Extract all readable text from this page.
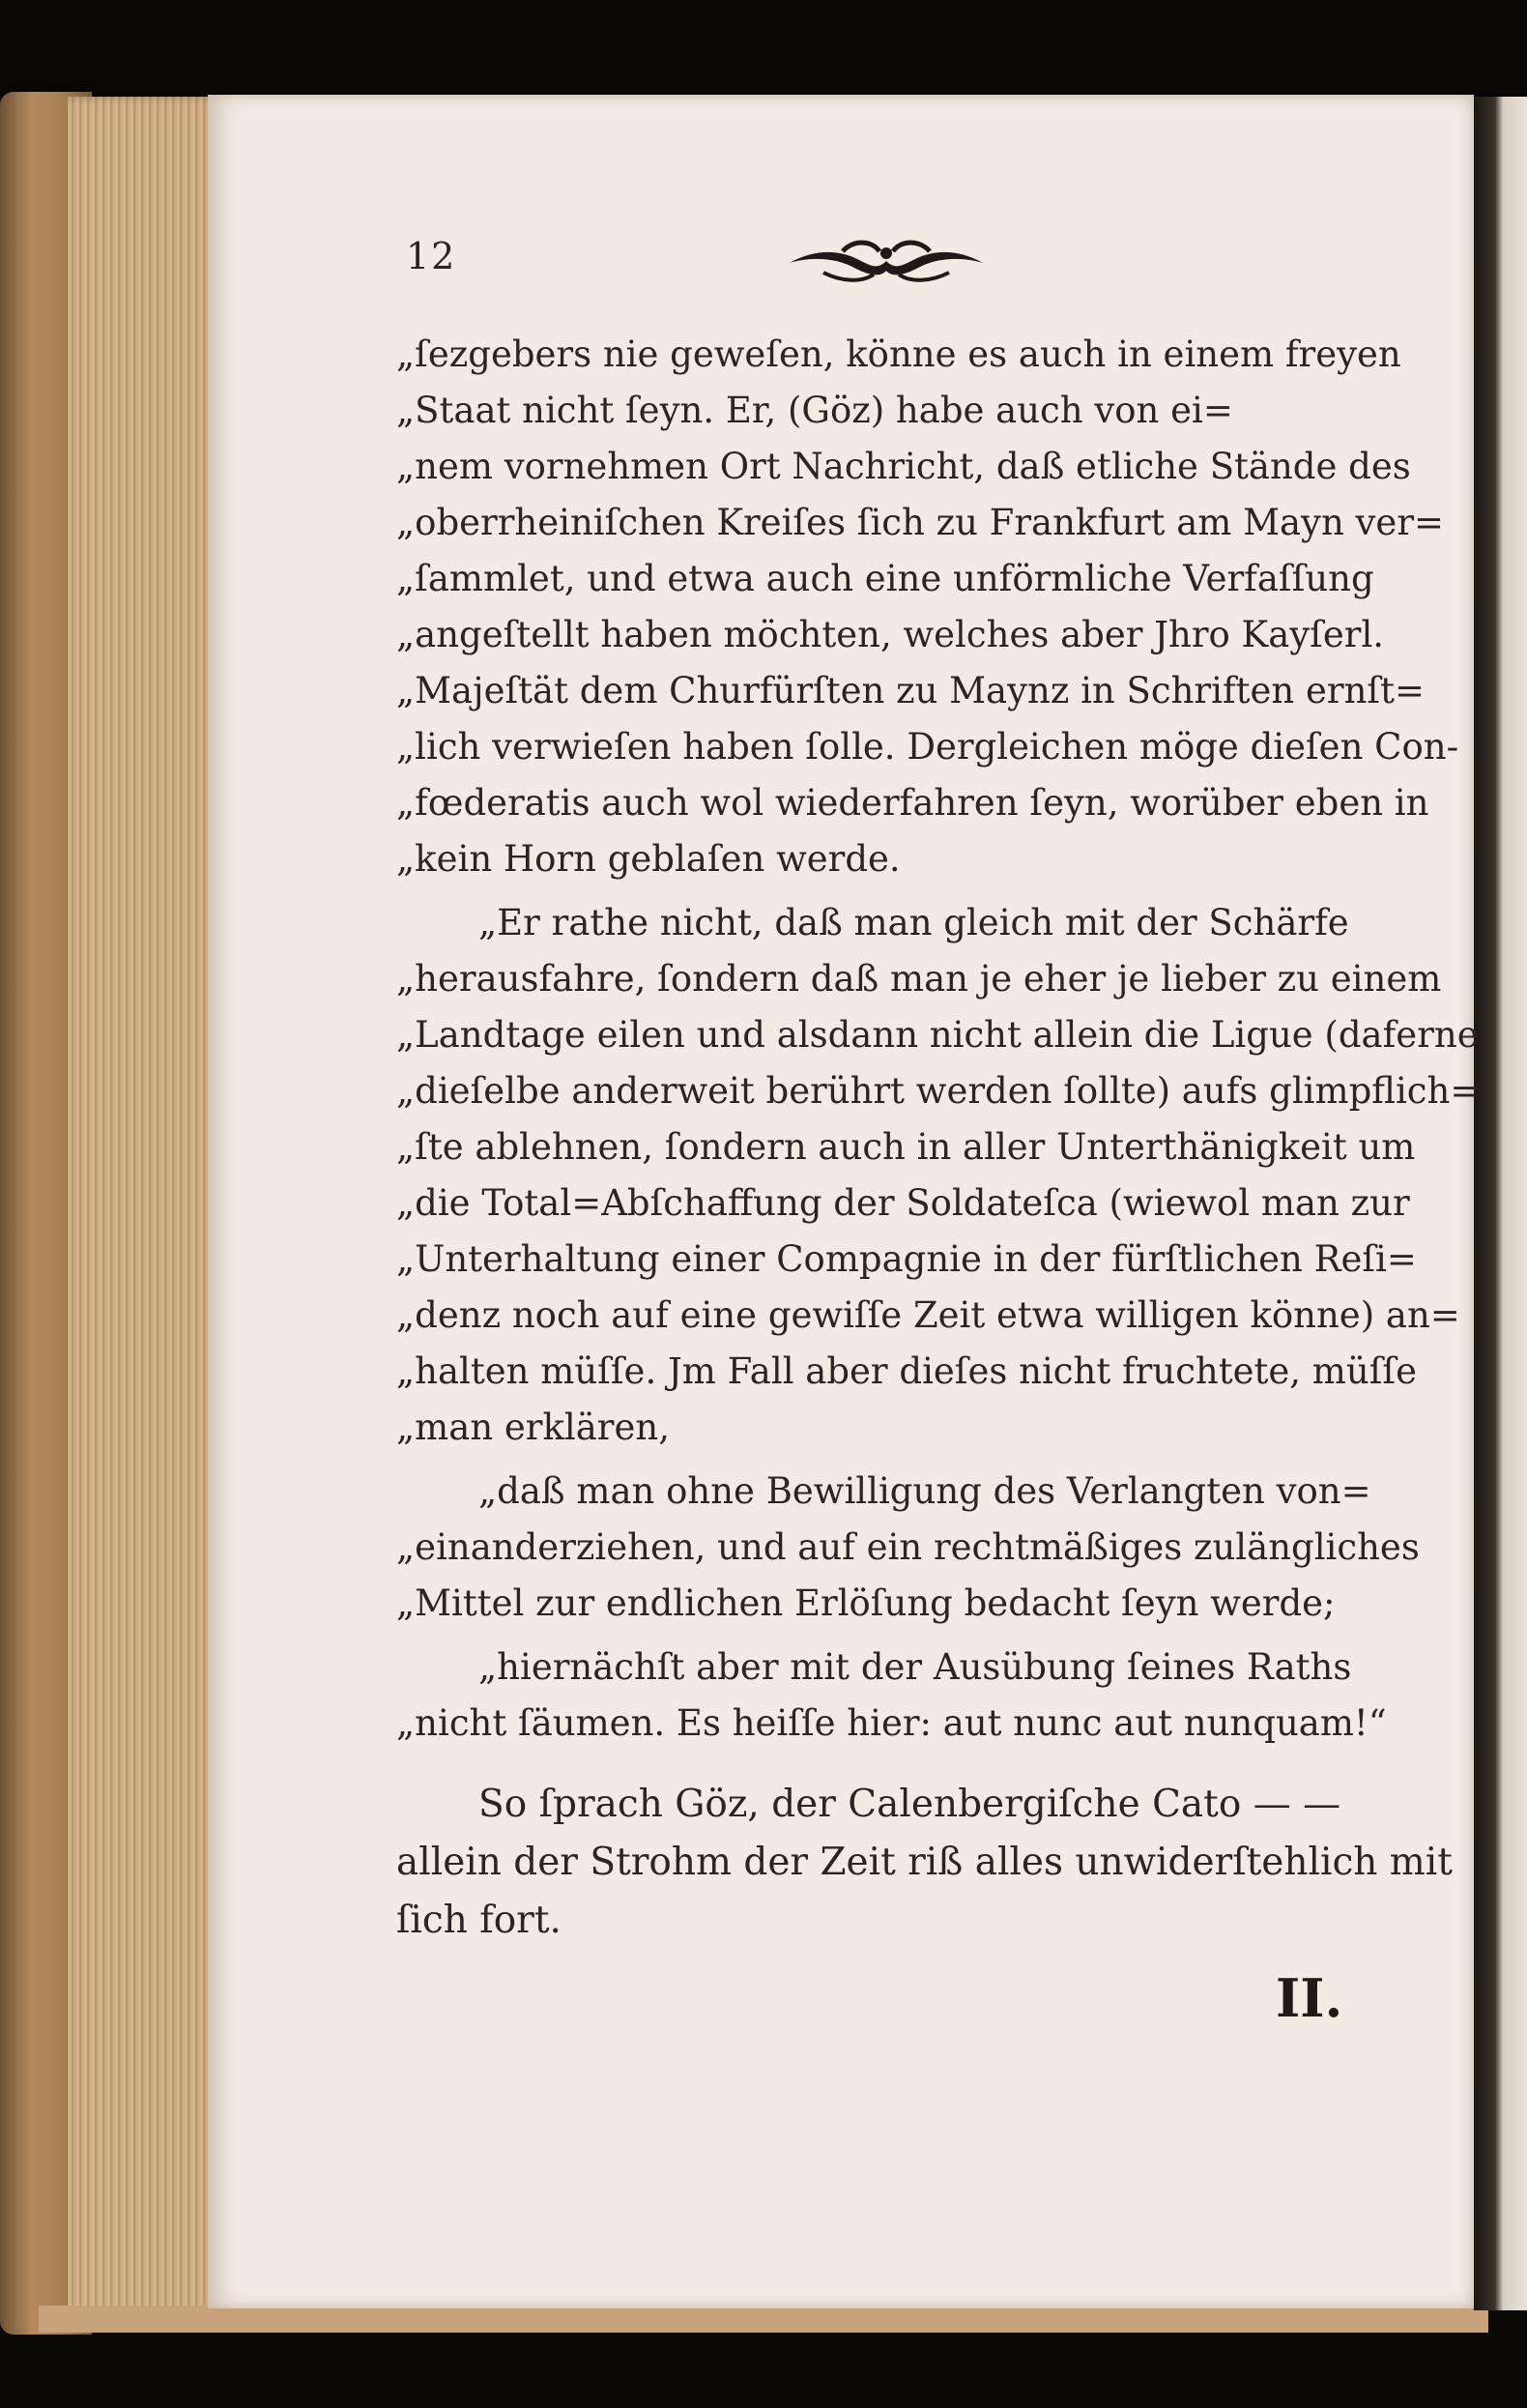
12
„ſezgebers nie geweſen, könne es auch in einem freyen
„Staat nicht ſeyn. Er, (Göz) habe auch von ei=
„nem vornehmen Ort Nachricht, daß etliche Stände des
„oberrheiniſchen Kreiſes ſich zu Frankfurt am Mayn ver=
„ſammlet, und etwa auch eine unförmliche Verfaſſung
„angeſtellt haben möchten, welches aber Jhro Kayſerl.
„Majeſtät dem Churfürſten zu Maynz in Schriften ernſt=
„lich verwieſen haben ſolle. Dergleichen möge dieſen Con-
„fœderatis auch wol wiederfahren ſeyn, worüber eben in
„kein Horn geblaſen werde.
„Er rathe nicht, daß man gleich mit der Schärfe
„herausfahre, ſondern daß man je eher je lieber zu einem
„Landtage eilen und alsdann nicht allein die Ligue (daferne
„dieſelbe anderweit berührt werden ſollte) aufs glimpflich=
„ſte ablehnen, ſondern auch in aller Unterthänigkeit um
„die Total=Abſchaffung der Soldateſca (wiewol man zur
„Unterhaltung einer Compagnie in der fürſtlichen Reſi=
„denz noch auf eine gewiſſe Zeit etwa willigen könne) an=
„halten müſſe. Jm Fall aber dieſes nicht fruchtete, müſſe
„man erklären,
„daß man ohne Bewilligung des Verlangten von=
„einanderziehen, und auf ein rechtmäßiges zulängliches
„Mittel zur endlichen Erlöſung bedacht ſeyn werde;
„hiernächſt aber mit der Ausübung ſeines Raths
„nicht ſäumen. Es heiſſe hier: aut nunc aut nunquam!“
So ſprach Göz, der Calenbergiſche Cato — —
allein der Strohm der Zeit riß alles unwiderſtehlich mit
ſich fort.
II.
